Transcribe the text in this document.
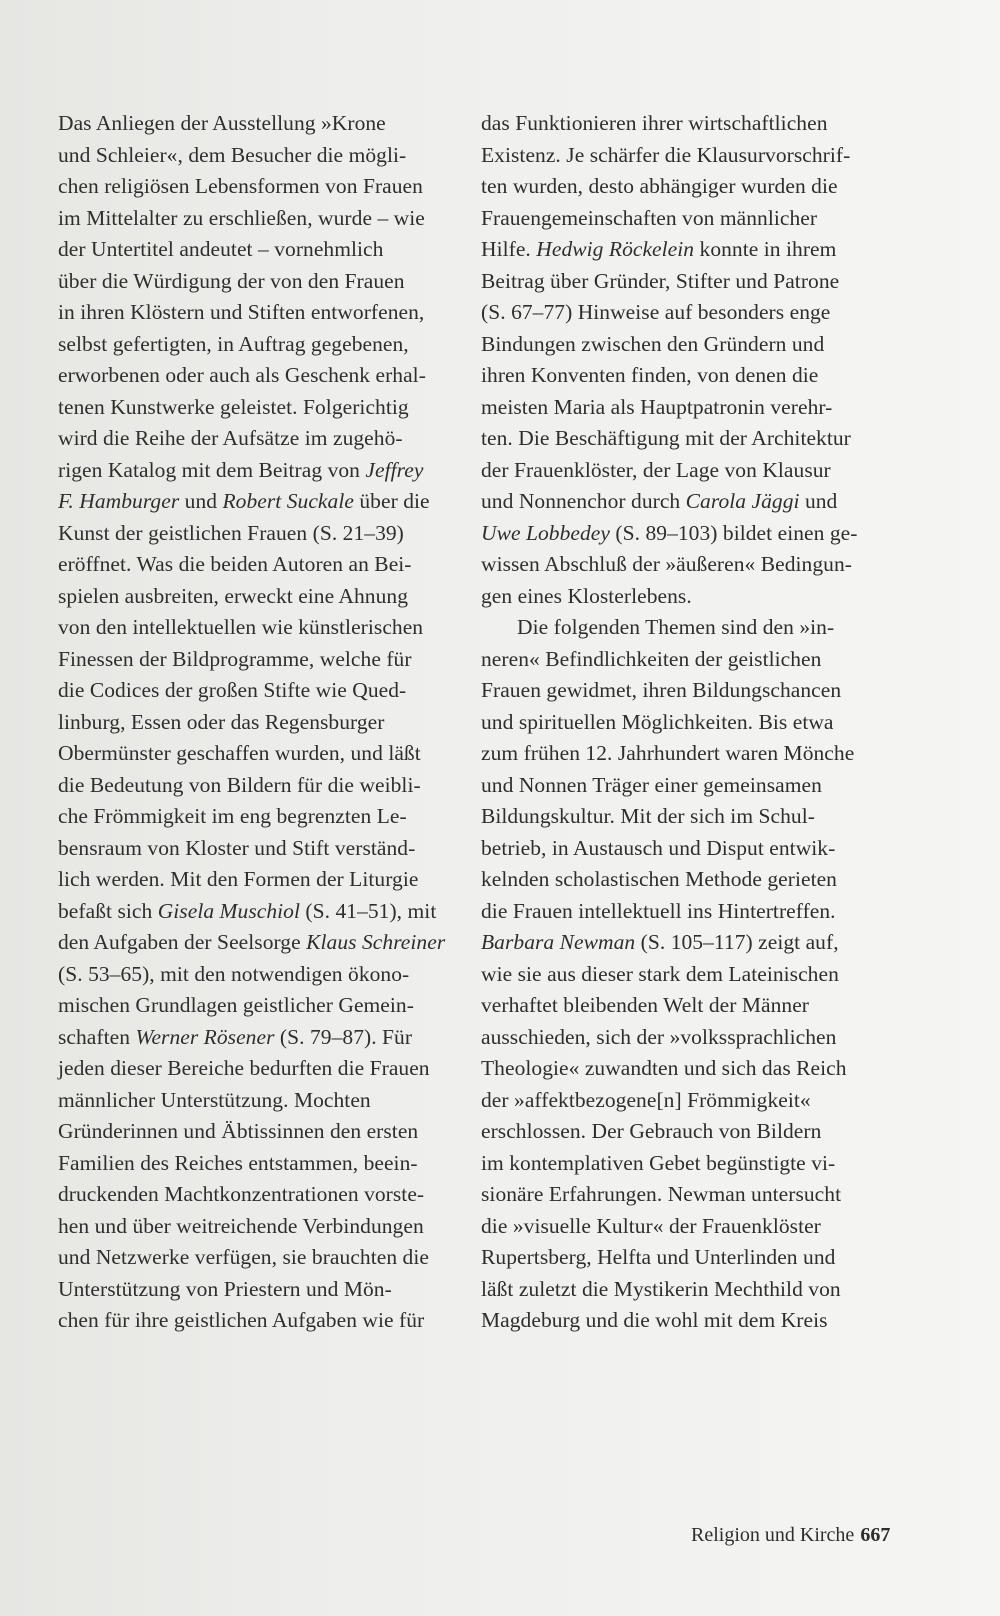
Das Anliegen der Ausstellung »Krone
und Schleier«, dem Besucher die mögli-
chen religiösen Lebensformen von Frauen
im Mittelalter zu erschließen, wurde – wie
der Untertitel andeutet – vornehmlich
über die Würdigung der von den Frauen
in ihren Klöstern und Stiften entworfenen,
selbst gefertigten, in Auftrag gegebenen,
erworbenen oder auch als Geschenk erhal-
tenen Kunstwerke geleistet. Folgerichtig
wird die Reihe der Aufsätze im zugehö-
rigen Katalog mit dem Beitrag von Jeffrey
F. Hamburger und Robert Suckale über die
Kunst der geistlichen Frauen (S. 21–39)
eröffnet. Was die beiden Autoren an Bei-
spielen ausbreiten, erweckt eine Ahnung
von den intellektuellen wie künstlerischen
Finessen der Bildprogramme, welche für
die Codices der großen Stifte wie Qued-
linburg, Essen oder das Regensburger
Obermünster geschaffen wurden, und läßt
die Bedeutung von Bildern für die weibli-
che Frömmigkeit im eng begrenzten Le-
bensraum von Kloster und Stift verständ-
lich werden. Mit den Formen der Liturgie
befaßt sich Gisela Muschiol (S. 41–51), mit
den Aufgaben der Seelsorge Klaus Schreiner
(S. 53–65), mit den notwendigen ökono-
mischen Grundlagen geistlicher Gemein-
schaften Werner Rösener (S. 79–87). Für
jeden dieser Bereiche bedurften die Frauen
männlicher Unterstützung. Mochten
Gründerinnen und Äbtissinnen den ersten
Familien des Reiches entstammen, beein-
druckenden Machtkonzentrationen vorste-
hen und über weitreichende Verbindungen
und Netzwerke verfügen, sie brauchten die
Unterstützung von Priestern und Mön-
chen für ihre geistlichen Aufgaben wie für
das Funktionieren ihrer wirtschaftlichen
Existenz. Je schärfer die Klausurvorschrif-
ten wurden, desto abhängiger wurden die
Frauengemeinschaften von männlicher
Hilfe. Hedwig Röckelein konnte in ihrem
Beitrag über Gründer, Stifter und Patrone
(S. 67–77) Hinweise auf besonders enge
Bindungen zwischen den Gründern und
ihren Konventen finden, von denen die
meisten Maria als Hauptpatronin verehr-
ten. Die Beschäftigung mit der Architektur
der Frauenklöster, der Lage von Klausur
und Nonnenchor durch Carola Jäggi und
Uwe Lobbedey (S. 89–103) bildet einen ge-
wissen Abschluß der »äußeren« Bedingun-
gen eines Klosterlebens.
Die folgenden Themen sind den »in-
neren« Befindlichkeiten der geistlichen
Frauen gewidmet, ihren Bildungschancen
und spirituellen Möglichkeiten. Bis etwa
zum frühen 12. Jahrhundert waren Mönche
und Nonnen Träger einer gemeinsamen
Bildungskultur. Mit der sich im Schul-
betrieb, in Austausch und Disput entwik-
kelnden scholastischen Methode gerieten
die Frauen intellektuell ins Hintertreffen.
Barbara Newman (S. 105–117) zeigt auf,
wie sie aus dieser stark dem Lateinischen
verhaftet bleibenden Welt der Männer
ausschieden, sich der »volkssprachlichen
Theologie« zuwandten und sich das Reich
der »affektbezogene[n] Frömmigkeit«
erschlossen. Der Gebrauch von Bildern
im kontemplativen Gebet begünstigte vi-
sionäre Erfahrungen. Newman untersucht
die »visuelle Kultur« der Frauenklöster
Rupertsberg, Helfta und Unterlinden und
läßt zuletzt die Mystikerin Mechthild von
Magdeburg und die wohl mit dem Kreis
Religion und Kirche 667
